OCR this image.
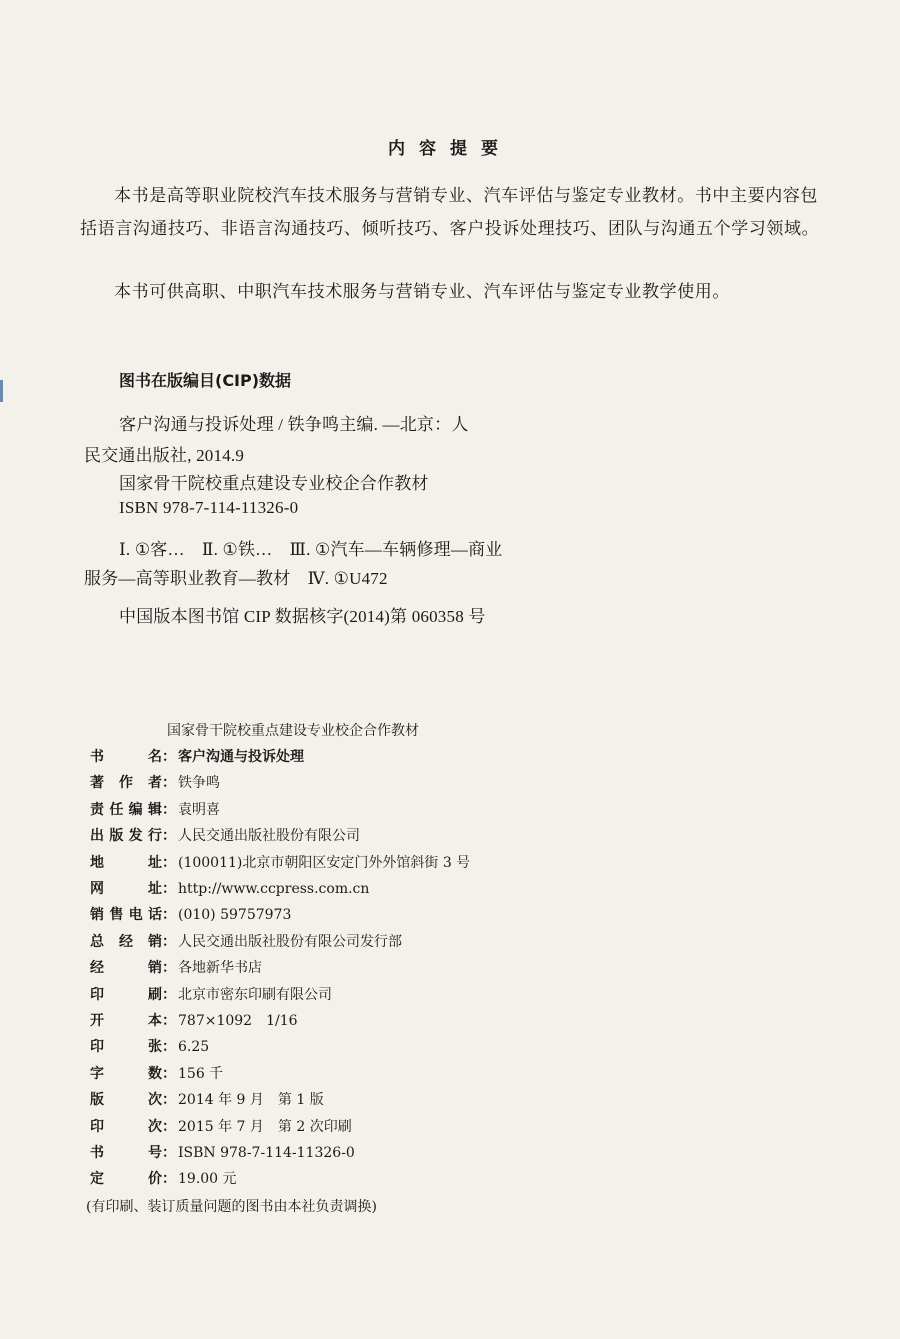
内容提要

本书是高等职业院校汽车技术服务与营销专业、汽车评估与鉴定专业教材。书中主要内容包括语言沟通技巧、非语言沟通技巧、倾听技巧、客户投诉处理技巧、团队与沟通五个学习领域。

本书可供高职、中职汽车技术服务与营销专业、汽车评估与鉴定专业教学使用。

图书在版编目(CIP)数据
客户沟通与投诉处理 / 铁争鸣主编. —北京：人
民交通出版社, 2014.9
国家骨干院校重点建设专业校企合作教材
ISBN 978-7-114-11326-0
Ⅰ. ①客…　Ⅱ. ①铁…　Ⅲ. ①汽车—车辆修理—商业
服务—高等职业教育—教材　Ⅳ. ①U472
中国版本图书馆 CIP 数据核字(2014)第 060358 号
国家骨干院校重点建设专业校企合作教材
书名 ： 客户沟通与投诉处理
著作者 ： 铁争鸣
责任编辑 ： 袁明喜
出版发行 ： 人民交通出版社股份有限公司
地址 ： (100011)北京市朝阳区安定门外外馆斜街 3 号
网址 ： http://www.ccpress.com.cn
销售电话 ： (010) 59757973
总经销 ： 人民交通出版社股份有限公司发行部
经销 ： 各地新华书店
印刷 ： 北京市密东印刷有限公司
开本 ： 787×1092　1/16
印张 ： 6.25
字数 ： 156 千
版次 ： 2014 年 9 月　第 1 版
印次 ： 2015 年 7 月　第 2 次印刷
书号 ： ISBN 978-7-114-11326-0
定价 ： 19.00 元
(有印刷、装订质量问题的图书由本社负责调换)
